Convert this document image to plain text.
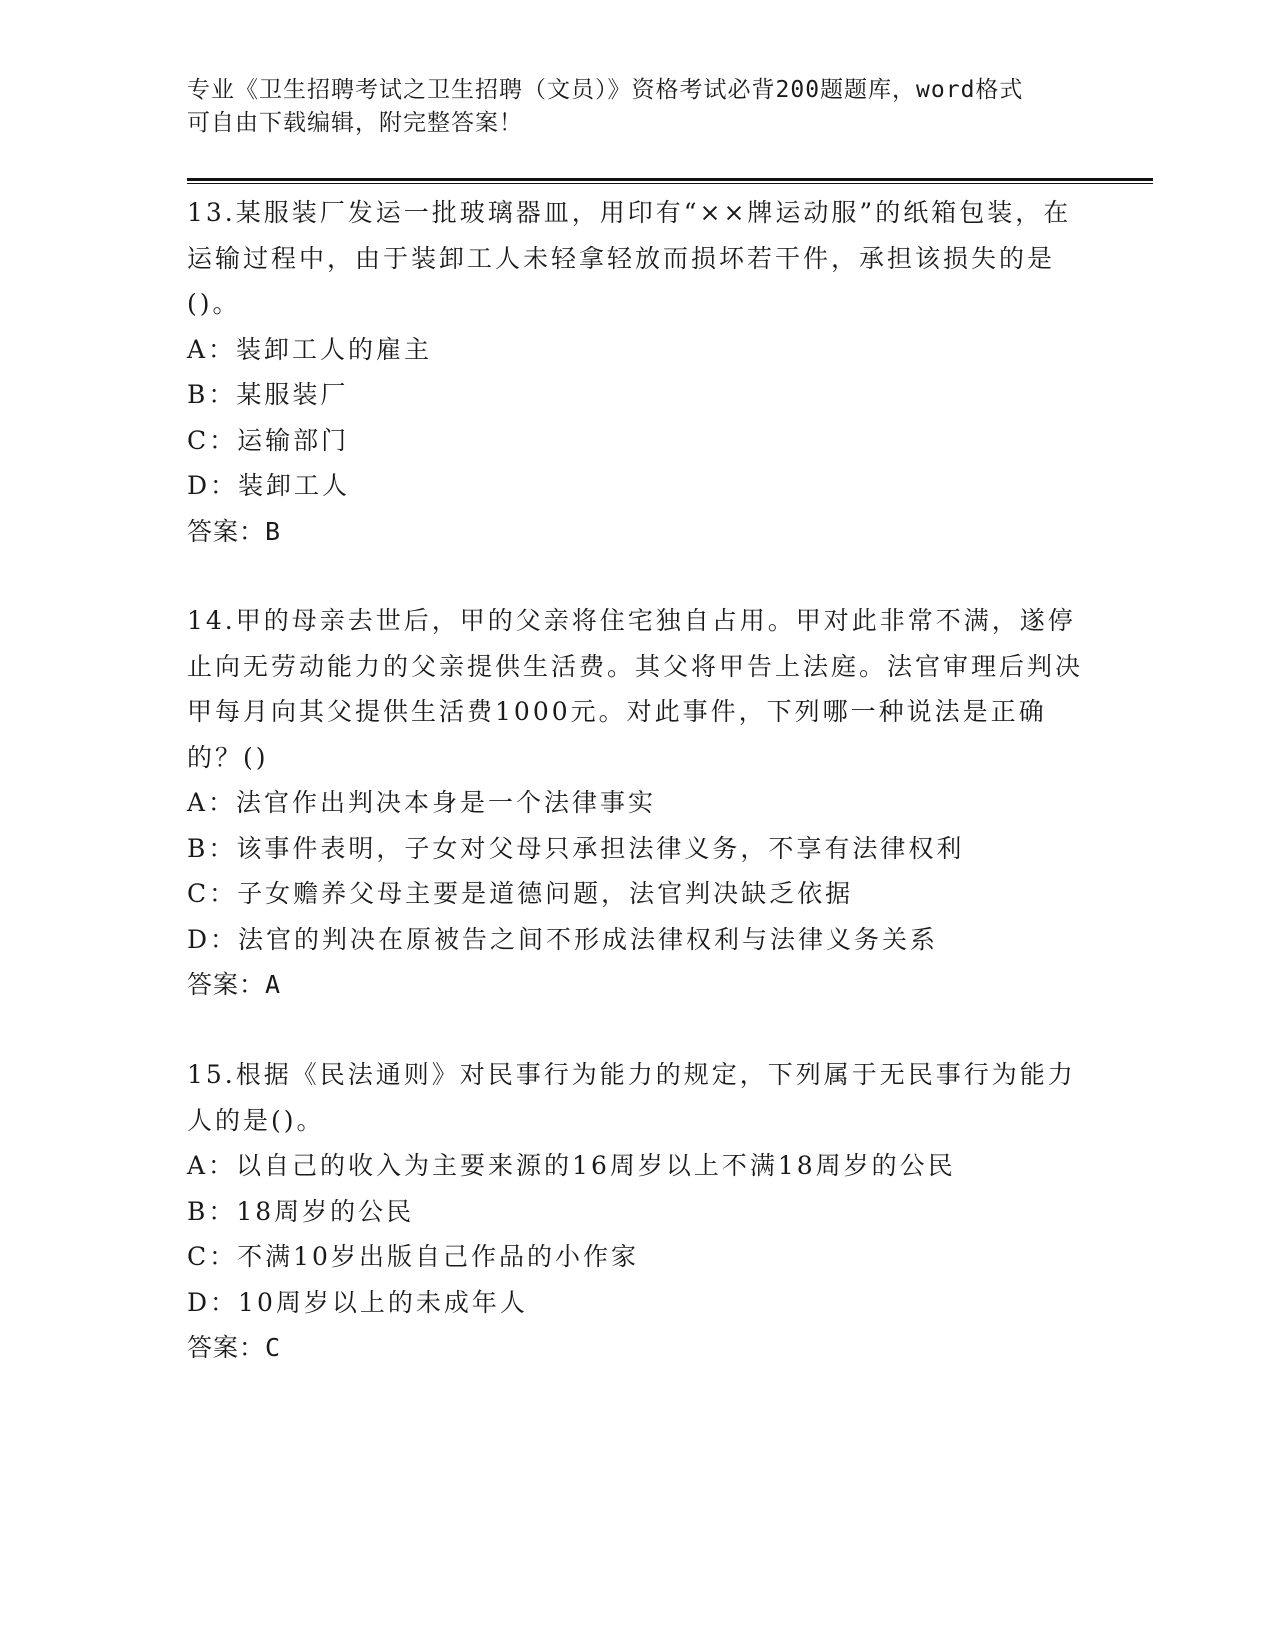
专业《卫生招聘考试之卫生招聘（文员）》资格考试必背200题题库，word格式
可自由下载编辑，附完整答案！
13.某服装厂发运一批玻璃器皿，用印有“××牌运动服”的纸箱包装，在运输过程中，由于装卸工人未轻拿轻放而损坏若干件，承担该损失的是()。
A：装卸工人的雇主
B：某服装厂
C：运输部门
D：装卸工人
答案：B
14.甲的母亲去世后，甲的父亲将住宅独自占用。甲对此非常不满，遂停止向无劳动能力的父亲提供生活费。其父将甲告上法庭。法官审理后判决甲每月向其父提供生活费1000元。对此事件，下列哪一种说法是正确的？()
A：法官作出判决本身是一个法律事实
B：该事件表明，子女对父母只承担法律义务，不享有法律权利
C：子女赡养父母主要是道德问题，法官判决缺乏依据
D：法官的判决在原被告之间不形成法律权利与法律义务关系
答案：A
15.根据《民法通则》对民事行为能力的规定，下列属于无民事行为能力人的是()。
A：以自己的收入为主要来源的16周岁以上不满18周岁的公民
B：18周岁的公民
C：不满10岁出版自己作品的小作家
D：10周岁以上的未成年人
答案：C
